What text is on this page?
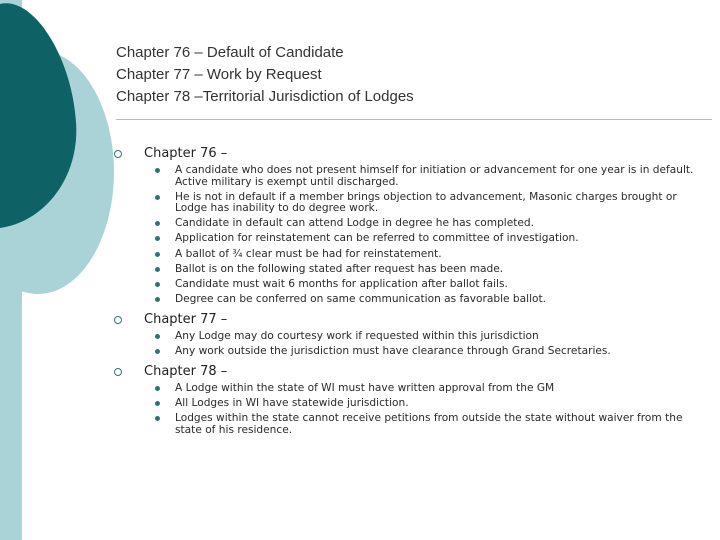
Chapter 76 – Default of Candidate
Chapter 77 – Work by Request
Chapter 78 –Territorial Jurisdiction of Lodges
Chapter 76 –
A candidate who does not present himself for initiation or advancement for one year is in default. Active military is exempt until discharged.
He is not in default if a member brings objection to advancement, Masonic charges brought or Lodge has inability to do degree work.
Candidate in default can attend Lodge in degree he has completed.
Application for reinstatement can be referred to committee of investigation.
A ballot of ¾ clear must be had for reinstatement.
Ballot is on the following stated after request has been made.
Candidate must wait 6 months for application after ballot fails.
Degree can be conferred on same communication as favorable ballot.
Chapter 77 –
Any Lodge may do courtesy work if requested within this jurisdiction
Any work outside the jurisdiction must have clearance through Grand Secretaries.
Chapter 78 –
A Lodge within the state of WI must have written approval from the GM
All Lodges in WI have statewide jurisdiction.
Lodges within the state cannot receive petitions from outside the state without waiver from the state of his residence.
